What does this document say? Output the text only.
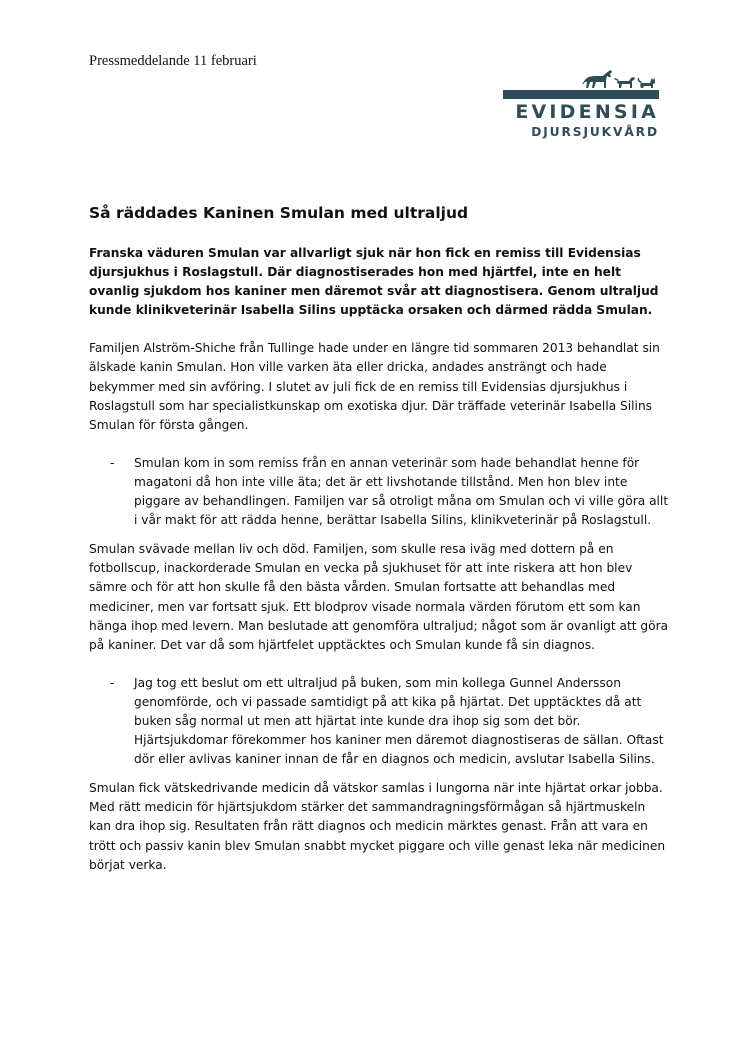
Pressmeddelande 11 februari
EVIDENSIA
DJURSJUKVÅRD
Så räddades Kaninen Smulan med ultraljud

Franska väduren Smulan var allvarligt sjuk när hon fick en remiss till Evidensias djursjukhus i Roslagstull. Där diagnostiserades hon med hjärtfel, inte en helt ovanlig sjukdom hos kaniner men däremot svår att diagnostisera. Genom ultraljud kunde klinikveterinär Isabella Silins upptäcka orsaken och därmed rädda Smulan.

Familjen Alström-Shiche från Tullinge hade under en längre tid sommaren 2013 behandlat sin älskade kanin Smulan. Hon ville varken äta eller dricka, andades ansträngt och hade bekymmer med sin avföring. I slutet av juli fick de en remiss till Evidensias djursjukhus i Roslagstull som har specialistkunskap om exotiska djur. Där träffade veterinär Isabella Silins Smulan för första gången.

- Smulan kom in som remiss från en annan veterinär som hade behandlat henne för magatoni då hon inte ville äta; det är ett livshotande tillstånd. Men hon blev inte piggare av behandlingen. Familjen var så otroligt måna om Smulan och vi ville göra allt i vår makt för att rädda henne, berättar Isabella Silins, klinikveterinär på Roslagstull.

Smulan svävade mellan liv och död. Familjen, som skulle resa iväg med dottern på en fotbollscup, inackorderade Smulan en vecka på sjukhuset för att inte riskera att hon blev sämre och för att hon skulle få den bästa vården. Smulan fortsatte att behandlas med mediciner, men var fortsatt sjuk. Ett blodprov visade normala värden förutom ett som kan hänga ihop med levern. Man beslutade att genomföra ultraljud; något som är ovanligt att göra på kaniner. Det var då som hjärtfelet upptäcktes och Smulan kunde få sin diagnos.

- Jag tog ett beslut om ett ultraljud på buken, som min kollega Gunnel Andersson genomförde, och vi passade samtidigt på att kika på hjärtat. Det upptäcktes då att buken såg normal ut men att hjärtat inte kunde dra ihop sig som det bör. Hjärtsjukdomar förekommer hos kaniner men däremot diagnostiseras de sällan. Oftast dör eller avlivas kaniner innan de får en diagnos och medicin, avslutar Isabella Silins.

Smulan fick vätskedrivande medicin då vätskor samlas i lungorna när inte hjärtat orkar jobba. Med rätt medicin för hjärtsjukdom stärker det sammandragningsförmågan så hjärtmuskeln kan dra ihop sig. Resultaten från rätt diagnos och medicin märktes genast. Från att vara en trött och passiv kanin blev Smulan snabbt mycket piggare och ville genast leka när medicinen börjat verka.
